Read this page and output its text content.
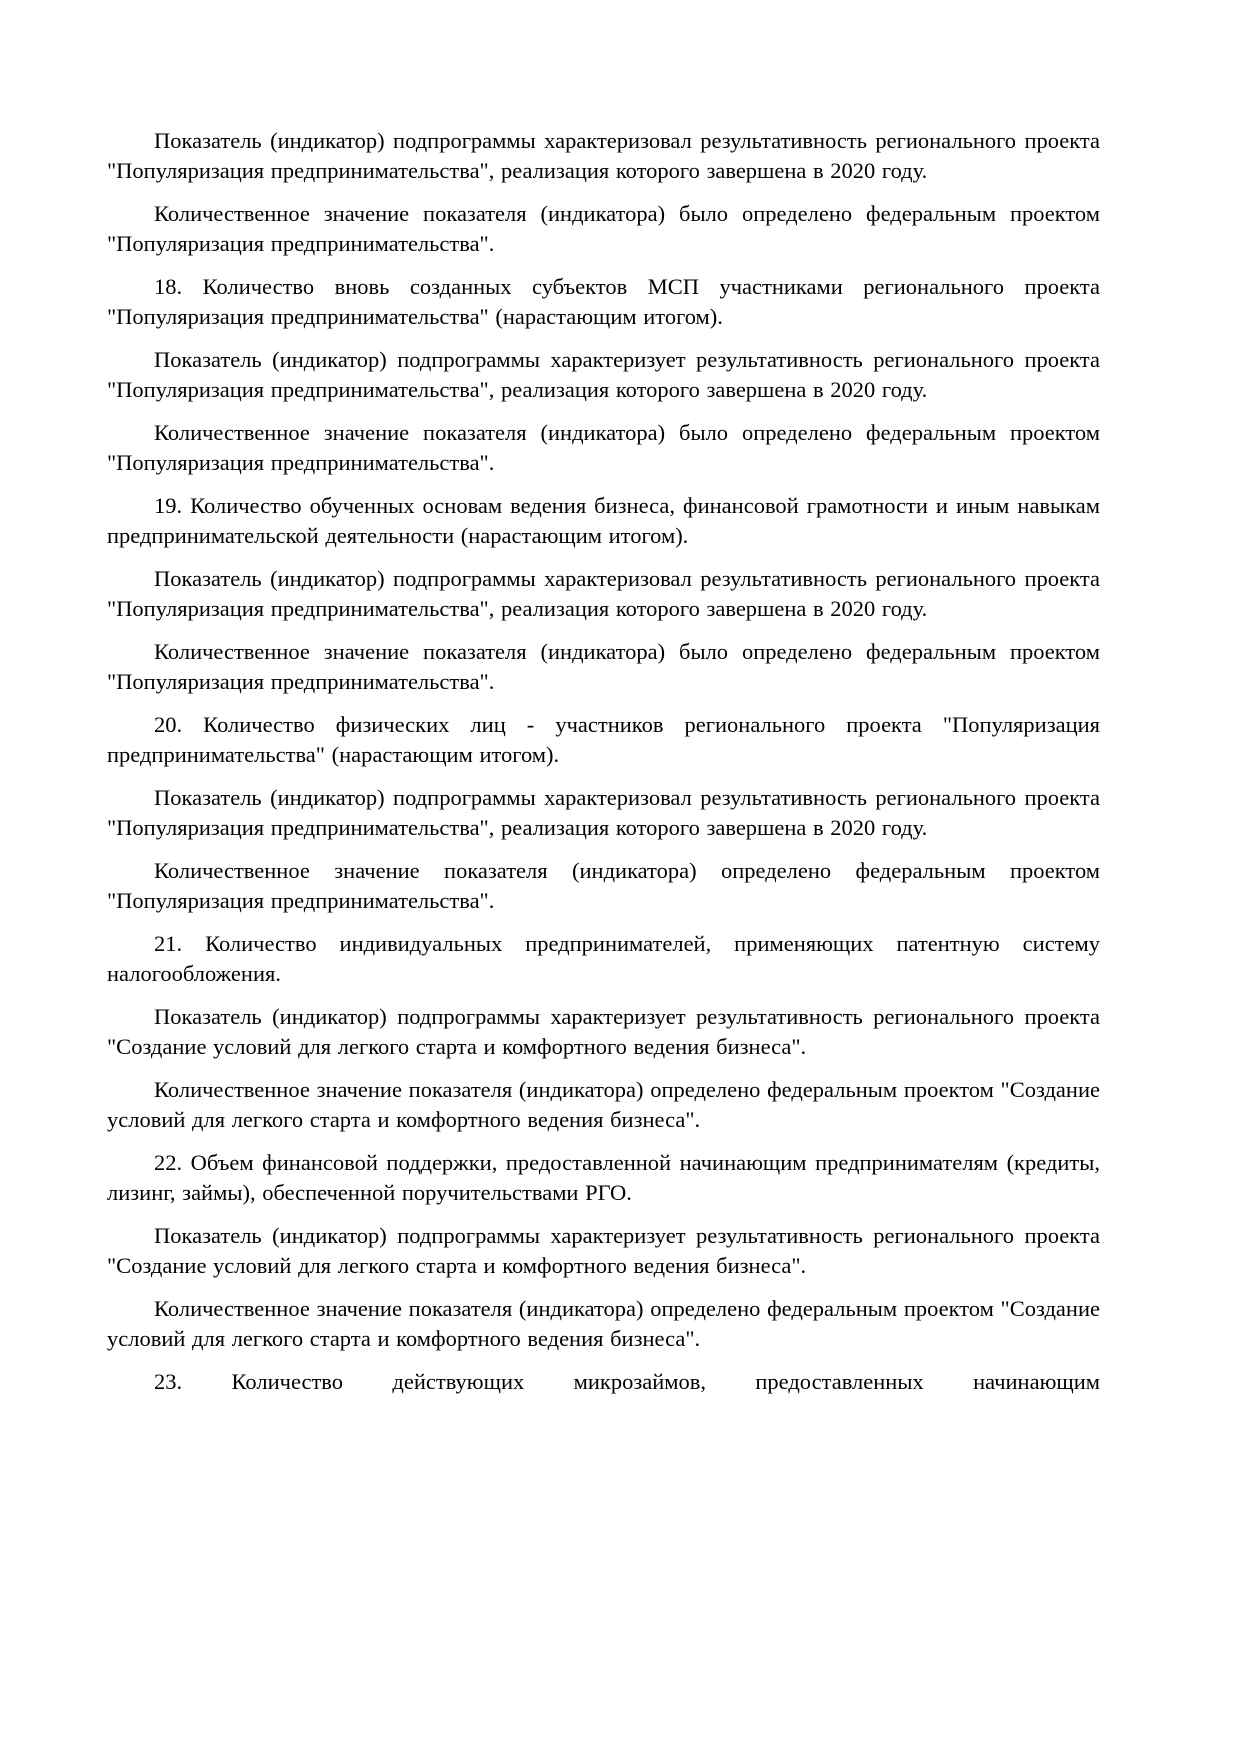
Показатель (индикатор) подпрограммы характеризовал результативность регионального проекта "Популяризация предпринимательства", реализация которого завершена в 2020 году.

Количественное значение показателя (индикатора) было определено федеральным проектом "Популяризация предпринимательства".

18. Количество вновь созданных субъектов МСП участниками регионального проекта "Популяризация предпринимательства" (нарастающим итогом).

Показатель (индикатор) подпрограммы характеризует результативность регионального проекта "Популяризация предпринимательства", реализация которого завершена в 2020 году.

Количественное значение показателя (индикатора) было определено федеральным проектом "Популяризация предпринимательства".

19. Количество обученных основам ведения бизнеса, финансовой грамотности и иным навыкам предпринимательской деятельности (нарастающим итогом).

Показатель (индикатор) подпрограммы характеризовал результативность регионального проекта "Популяризация предпринимательства", реализация которого завершена в 2020 году.

Количественное значение показателя (индикатора) было определено федеральным проектом "Популяризация предпринимательства".

20. Количество физических лиц - участников регионального проекта "Популяризация предпринимательства" (нарастающим итогом).

Показатель (индикатор) подпрограммы характеризовал результативность регионального проекта "Популяризация предпринимательства", реализация которого завершена в 2020 году.

Количественное значение показателя (индикатора) определено федеральным проектом "Популяризация предпринимательства".

21. Количество индивидуальных предпринимателей, применяющих патентную систему налогообложения.

Показатель (индикатор) подпрограммы характеризует результативность регионального проекта "Создание условий для легкого старта и комфортного ведения бизнеса".

Количественное значение показателя (индикатора) определено федеральным проектом "Создание условий для легкого старта и комфортного ведения бизнеса".

22. Объем финансовой поддержки, предоставленной начинающим предпринимателям (кредиты, лизинг, займы), обеспеченной поручительствами РГО.

Показатель (индикатор) подпрограммы характеризует результативность регионального проекта "Создание условий для легкого старта и комфортного ведения бизнеса".

Количественное значение показателя (индикатора) определено федеральным проектом "Создание условий для легкого старта и комфортного ведения бизнеса".

23. Количество действующих микрозаймов, предоставленных начинающим
